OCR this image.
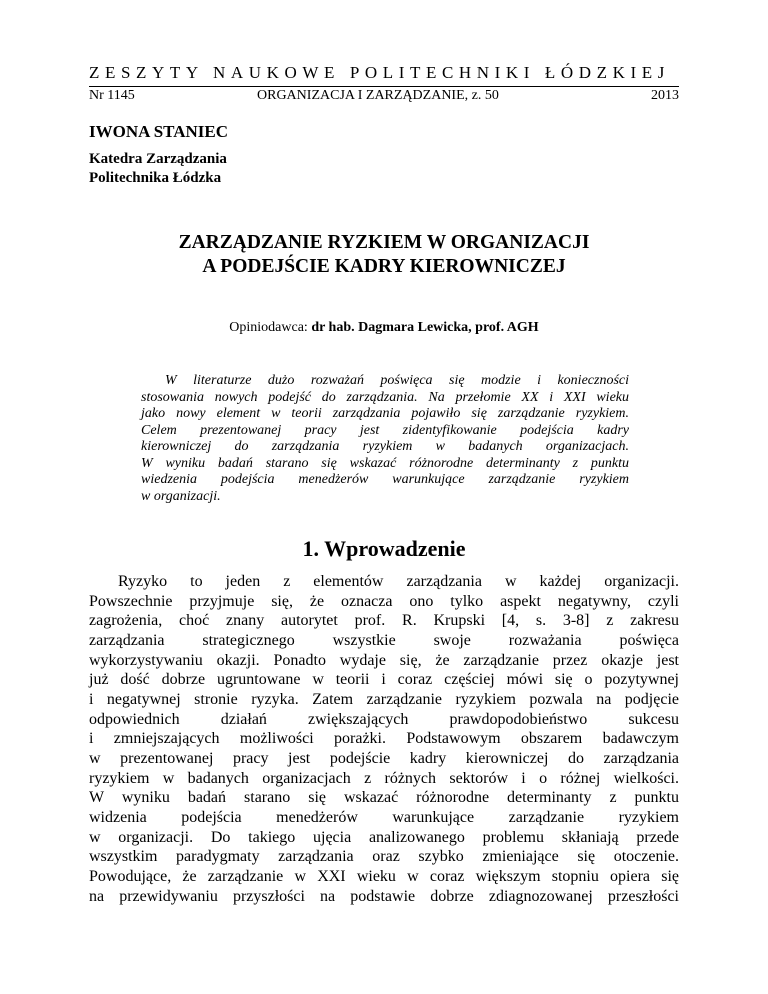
ZESZYTY NAUKOWE POLITECHNIKI ŁÓDZKIEJ
Nr 1145	ORGANIZACJA I ZARZĄDZANIE, z. 50	2013
IWONA STANIEC
Katedra Zarządzania
Politechnika Łódzka
ZARZĄDZANIE RYZKIEM W ORGANIZACJI
A PODEJŚCIE KADRY KIEROWNICZEJ
Opiniodawca: dr hab. Dagmara Lewicka, prof. AGH
W literaturze dużo rozważań poświęca się modzie i konieczności
stosowania nowych podejść do zarządzania. Na przełomie XX i XXI wieku
jako nowy element w teorii zarządzania pojawiło się zarządzanie ryzykiem.
Celem prezentowanej pracy jest zidentyfikowanie podejścia kadry
kierowniczej do zarządzania ryzykiem w badanych organizacjach.
W wyniku badań starano się wskazać różnorodne determinanty z punktu
wiedzenia podejścia menedżerów warunkujące zarządzanie ryzykiem
w organizacji.
1. Wprowadzenie
Ryzyko to jeden z elementów zarządzania w każdej organizacji.
Powszechnie przyjmuje się, że oznacza ono tylko aspekt negatywny, czyli
zagrożenia, choć znany autorytet prof. R. Krupski [4, s. 3-8] z zakresu
zarządzania strategicznego wszystkie swoje rozważania poświęca
wykorzystywaniu okazji. Ponadto wydaje się, że zarządzanie przez okazje jest
już dość dobrze ugruntowane w teorii i coraz częściej mówi się o pozytywnej
i negatywnej stronie ryzyka. Zatem zarządzanie ryzykiem pozwala na podjęcie
odpowiednich działań zwiększających prawdopodobieństwo sukcesu
i zmniejszających możliwości porażki. Podstawowym obszarem badawczym
w prezentowanej pracy jest podejście kadry kierowniczej do zarządzania
ryzykiem w badanych organizacjach z różnych sektorów i o różnej wielkości.
W wyniku badań starano się wskazać różnorodne determinanty z punktu
widzenia podejścia menedżerów warunkujące zarządzanie ryzykiem
w organizacji. Do takiego ujęcia analizowanego problemu skłaniają przede
wszystkim paradygmaty zarządzania oraz szybko zmieniające się otoczenie.
Powodujące, że zarządzanie w XXI wieku w coraz większym stopniu opiera się
na przewidywaniu przyszłości na podstawie dobrze zdiagnozowanej przeszłości
